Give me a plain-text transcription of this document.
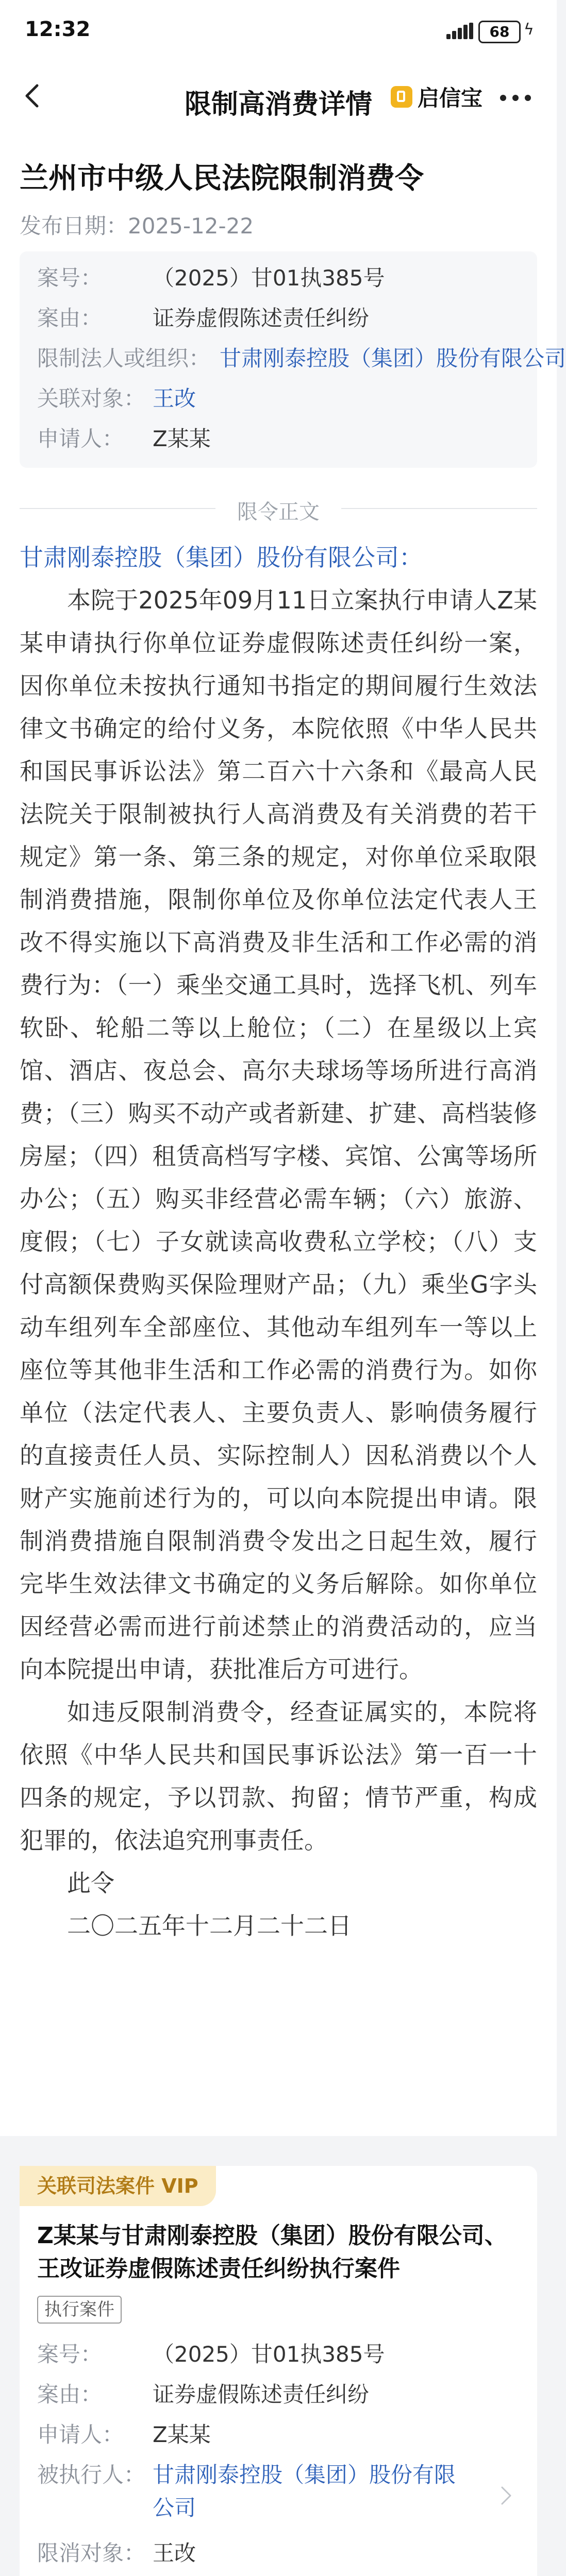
12:32	68 ϟ
限制高消费详情	启信宝
兰州市中级人民法院限制消费令
发布日期：2025-12-22
案号： （2025）甘01执385号
案由： 证券虚假陈述责任纠纷
限制法人或组织： 甘肃刚泰控股（集团）股份有限公司
关联对象： 王改
申请人： Z某某
限令正文
甘肃刚泰控股（集团）股份有限公司：

本院于2025年09月11日立案执行申请人Z某某申请执行你单位证券虚假陈述责任纠纷一案，因你单位未按执行通知书指定的期间履行生效法律文书确定的给付义务，本院依照《中华人民共和国民事诉讼法》第二百六十六条和《最高人民法院关于限制被执行人高消费及有关消费的若干规定》第一条、第三条的规定，对你单位采取限制消费措施，限制你单位及你单位法定代表人王改不得实施以下高消费及非生活和工作必需的消费行为：（一）乘坐交通工具时，选择飞机、列车软卧、轮船二等以上舱位；（二）在星级以上宾馆、酒店、夜总会、高尔夫球场等场所进行高消费；（三）购买不动产或者新建、扩建、高档装修房屋；（四）租赁高档写字楼、宾馆、公寓等场所办公；（五）购买非经营必需车辆；（六）旅游、度假；（七）子女就读高收费私立学校；（八）支付高额保费购买保险理财产品；（九）乘坐G字头动车组列车全部座位、其他动车组列车一等以上座位等其他非生活和工作必需的消费行为。如你单位（法定代表人、主要负责人、影响债务履行的直接责任人员、实际控制人）因私消费以个人财产实施前述行为的，可以向本院提出申请。限制消费措施自限制消费令发出之日起生效，履行完毕生效法律文书确定的义务后解除。如你单位因经营必需而进行前述禁止的消费活动的，应当向本院提出申请，获批准后方可进行。

如违反限制消费令，经查证属实的，本院将依照《中华人民共和国民事诉讼法》第一百一十四条的规定，予以罚款、拘留；情节严重，构成犯罪的，依法追究刑事责任。

此令

二〇二五年十二月二十二日

关联司法案件 VIP
Z某某与甘肃刚泰控股（集团）股份有限公司、王改证券虚假陈述责任纠纷执行案件
执行案件
案号： （2025）甘01执385号
案由： 证券虚假陈述责任纠纷
申请人： Z某某
被执行人： 甘肃刚泰控股（集团）股份有限公司
限消对象： 王改
